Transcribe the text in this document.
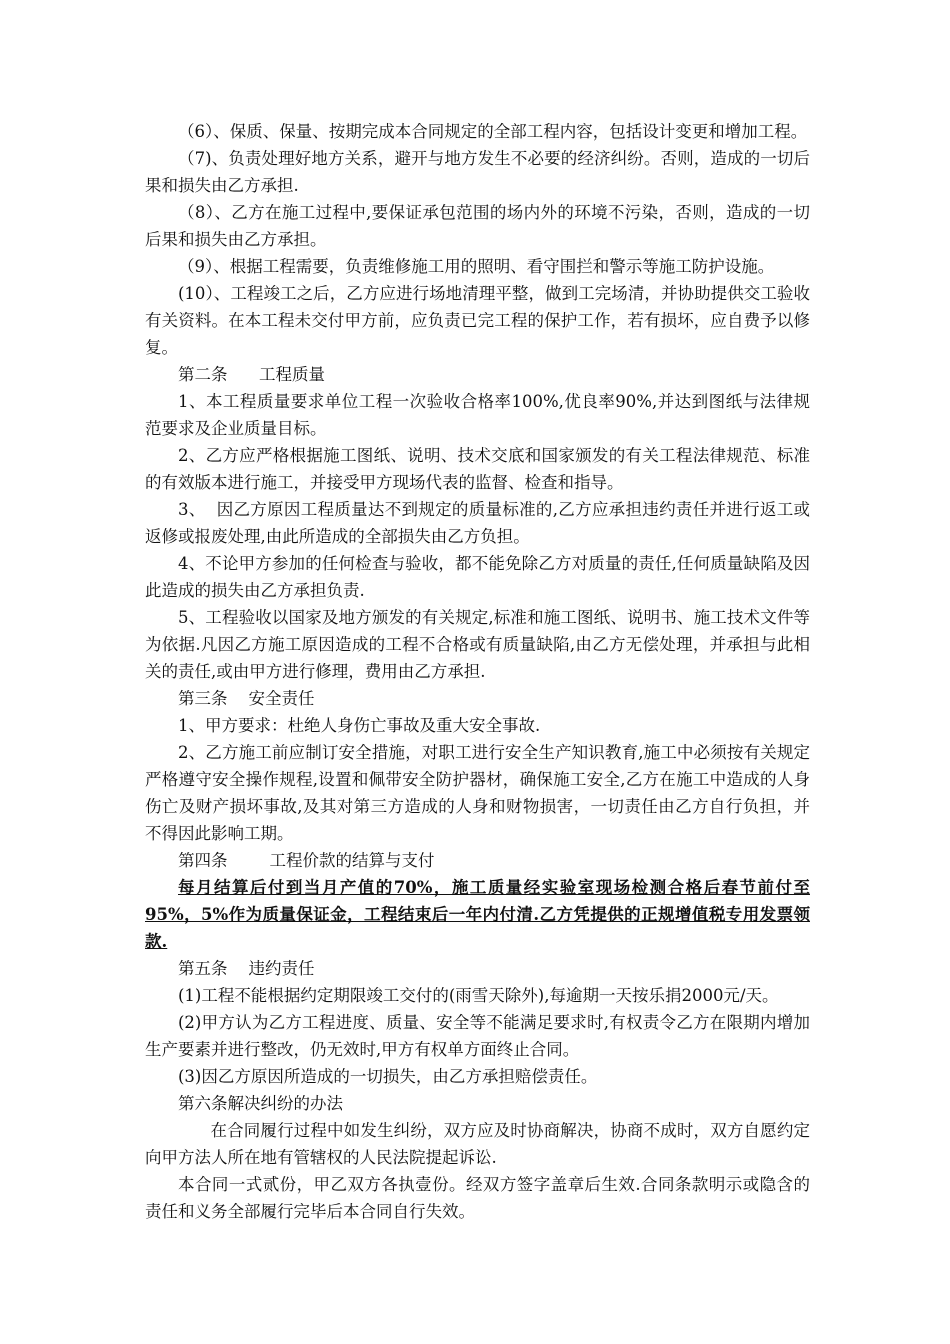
（6）、保质、保量、按期完成本合同规定的全部工程内容，包括设计变更和增加工程。

（7)、负责处理好地方关系，避开与地方发生不必要的经济纠纷。否则，造成的一切后果和损失由乙方承担.

（8）、乙方在施工过程中,要保证承包范围的场内外的环境不污染，否则，造成的一切后果和损失由乙方承担。

（9）、根据工程需要，负责维修施工用的照明、看守围拦和警示等施工防护设施。

(10）、工程竣工之后，乙方应进行场地清理平整，做到工完场清，并协助提供交工验收有关资料。在本工程未交付甲方前，应负责已完工程的保护工作，若有损坏，应自费予以修复。

第二条      工程质量

1、本工程质量要求单位工程一次验收合格率100%,优良率90%,并达到图纸与法律规范要求及企业质量目标。

2、乙方应严格根据施工图纸、说明、技术交底和国家颁发的有关工程法律规范、标准的有效版本进行施工，并接受甲方现场代表的监督、检查和指导。

3、  因乙方原因工程质量达不到规定的质量标准的,乙方应承担违约责任并进行返工或返修或报废处理,由此所造成的全部损失由乙方负担。

4、不论甲方参加的任何检查与验收，都不能免除乙方对质量的责任,任何质量缺陷及因此造成的损失由乙方承担负责.

5、工程验收以国家及地方颁发的有关规定,标准和施工图纸、说明书、施工技术文件等为依据.凡因乙方施工原因造成的工程不合格或有质量缺陷,由乙方无偿处理，并承担与此相关的责任,或由甲方进行修理，费用由乙方承担.

第三条    安全责任

1、甲方要求：杜绝人身伤亡事故及重大安全事故.

2、乙方施工前应制订安全措施，对职工进行安全生产知识教育,施工中必须按有关规定严格遵守安全操作规程,设置和佩带安全防护器材，确保施工安全,乙方在施工中造成的人身伤亡及财产损坏事故,及其对第三方造成的人身和财物损害，一切责任由乙方自行负担，并不得因此影响工期。

第四条        工程价款的结算与支付

每月结算后付到当月产值的70%，施工质量经实验室现场检测合格后春节前付至95%，5%作为质量保证金，工程结束后一年内付清.乙方凭提供的正规增值税专用发票领款.

第五条    违约责任

(1)工程不能根据约定期限竣工交付的(雨雪天除外),每逾期一天按乐捐2000元/天。

(2)甲方认为乙方工程进度、质量、安全等不能满足要求时,有权责令乙方在限期内增加生产要素并进行整改，仍无效时,甲方有权单方面终止合同。

(3)因乙方原因所造成的一切损失，由乙方承担赔偿责任。

第六条解决纠纷的办法

在合同履行过程中如发生纠纷，双方应及时协商解决，协商不成时，双方自愿约定向甲方法人所在地有管辖权的人民法院提起诉讼.

本合同一式贰份，甲乙双方各执壹份。经双方签字盖章后生效.合同条款明示或隐含的责任和义务全部履行完毕后本合同自行失效。
